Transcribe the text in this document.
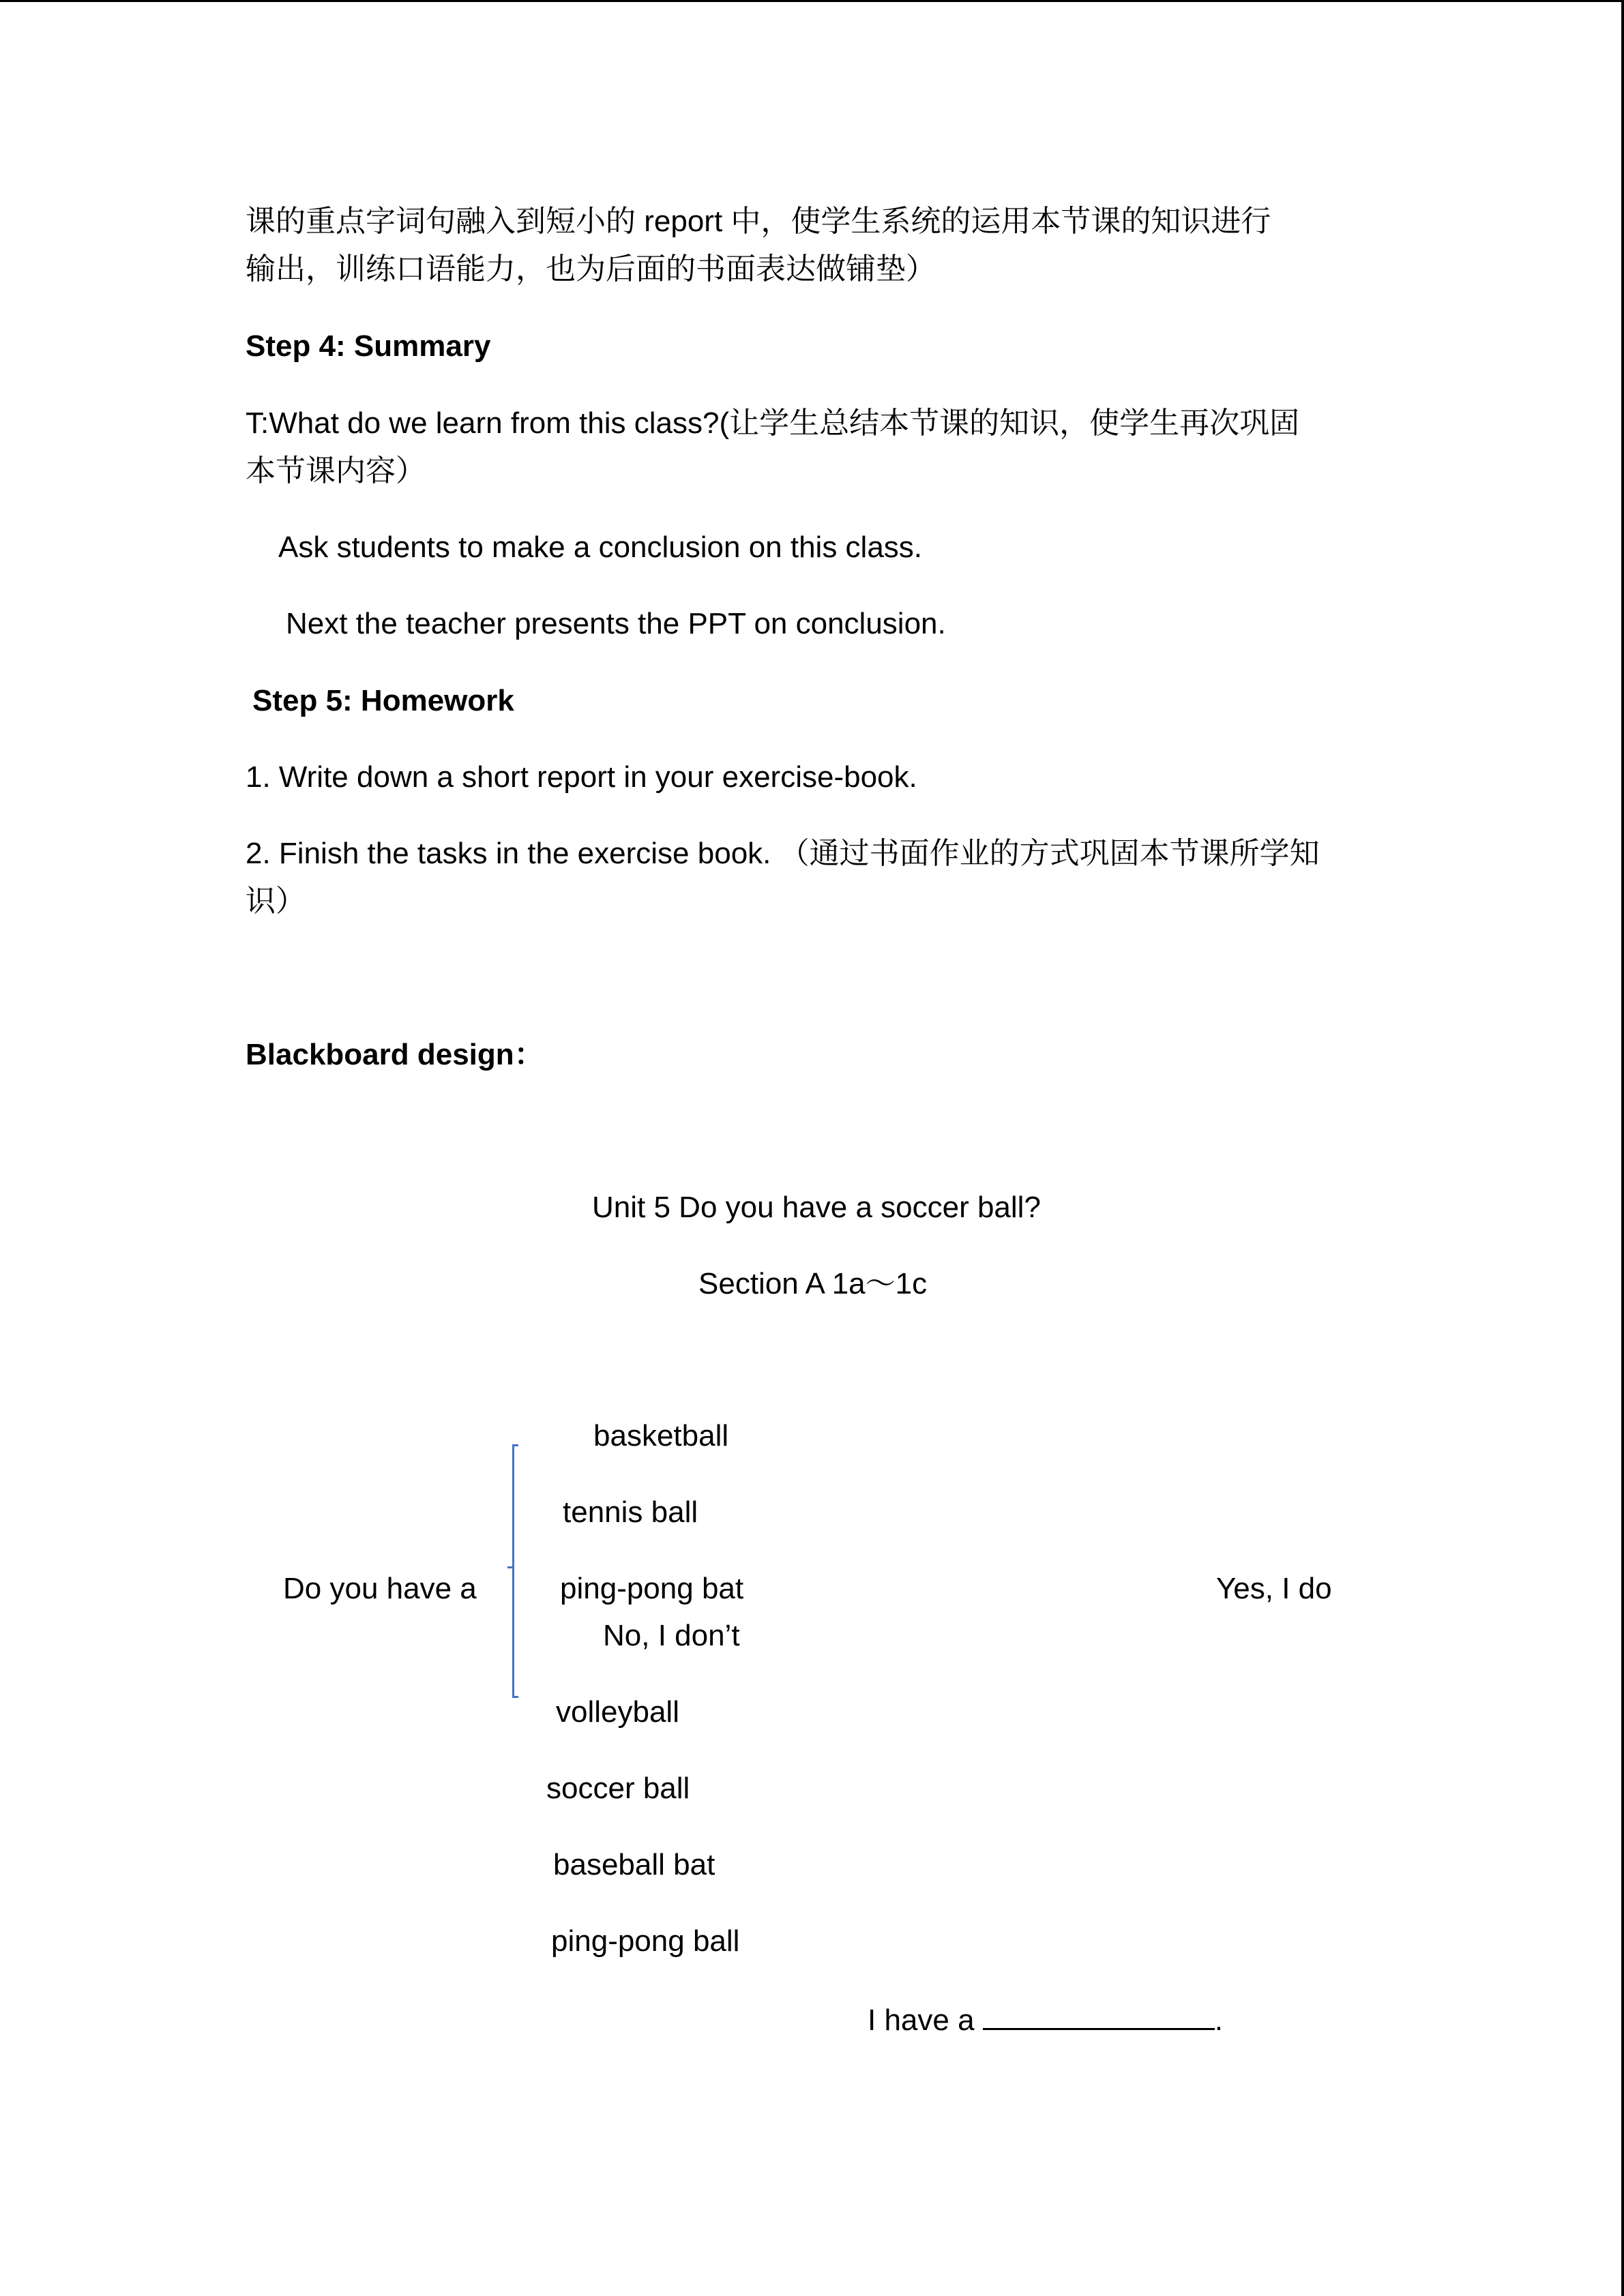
课的重点字词句融入到短小的 report 中，使学生系统的运用本节课的知识进行
输出，训练口语能力，也为后面的书面表达做铺垫）
Step 4: Summary
T:What do we learn from this class?(让学生总结本节课的知识，使学生再次巩固
本节课内容）
Ask students to make a conclusion on this class.
Next the teacher presents the PPT on conclusion.
Step 5: Homework
1. Write down a short report in your exercise-book.
2. Finish the tasks in the exercise book. （通过书面作业的方式巩固本节课所学知
识）
Blackboard design：
Unit 5 Do you have a soccer ball?
Section A 1a～1c
basketball
tennis ball
Do you have a	ping-pong bat	Yes, I do
No, I don’t
volleyball
soccer ball
baseball bat
ping-pong ball
I have a	.
